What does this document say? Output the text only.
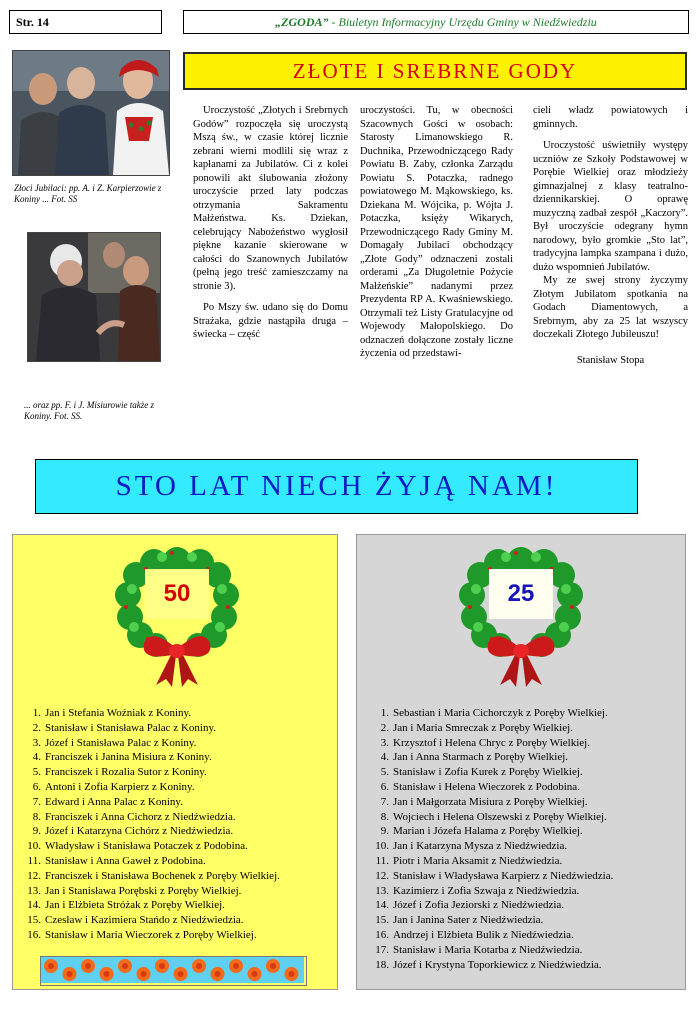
Str. 14	„ZGODA” - Biuletyn Informacyjny Urzędu Gminy w Niedźwiedziu
Złoci Jubilaci: pp. A. i Z. Karpierzowie z Koniny ... Fot. SS
... oraz pp. F. i J. Misiurowie także z Koniny. Fot. SS.
ZŁOTE I SREBRNE GODY

Uroczystość „Złotych i Srebrnych Godów” rozpoczęła się uroczystą Mszą św., w czasie której licznie zebrani wierni modlili się wraz z kapłanami za Jubilatów. Ci z kolei ponowili akt ślubowania złożony uroczyście przed laty podczas otrzymania Sakramentu Małżeństwa. Ks. Dziekan, celebrujący Nabożeństwo wygłosił piękne kazanie skierowane w całości do Szanownych Jubilatów (pełną jego treść zamieszczamy na stronie 3).

Po Mszy św. udano się do Domu Strażaka, gdzie nastąpiła druga – świecka – część

uroczystości. Tu, w obecności Szacownych Gości w osobach: Starosty Limanowskiego R. Duchnika, Przewodniczącego Rady Powiatu B. Zaby, członka Zarządu Powiatu S. Potaczka, radnego powiatowego M. Mąkowskiego, ks. Dziekana M. Wójcika, p. Wójta J. Potaczka, księży Wikarych, Przewodniczącego Rady Gminy M. Domagały Jubilaci obchodzący „Złote Gody” odznaczeni zostali orderami „Za Długoletnie Pożycie Małżeńskie” nadanymi przez Prezydenta RP A. Kwaśniewskiego. Otrzymali też Listy Gratulacyjne od Wojewody Małopolskiego. Do odznaczeń dołączone zostały liczne życzenia od przedstawi-

cieli władz powiatowych i gminnych.

Uroczystość uświetniły występy uczniów ze Szkoły Podstawowej w Porębie Wielkiej oraz młodzieży gimnazjalnej z klasy teatralno-dziennikarskiej. O oprawę muzyczną zadbał zespół „Kaczory”. Był uroczyście odegrany hymn narodowy, było gromkie „Sto lat”, tradycyjna lampka szampana i dużo, dużo wspomnień Jubilatów.

My ze swej strony życzymy Złotym Jubilatom spotkania na Godach Diamentowych, a Srebrnym, aby za 25 lat wszyscy doczekali Złotego Jubileuszu!

Stanisław Stopa
STO LAT NIECH ŻYJĄ NAM!
50
1. Jan i Stefania Woźniak z Koniny.
2. Stanisław i Stanisława Palac z Koniny.
3. Józef i Stanisława Palac z Koniny.
4. Franciszek i Janina Misiura z Koniny.
5. Franciszek i Rozalia Sutor z Koniny.
6. Antoni i Zofia Karpierz z Koniny.
7. Edward i Anna Palac z Koniny.
8. Franciszek i Anna Cichorz z Niedźwiedzia.
9. Józef i Katarzyna Cichórz z Niedźwiedzia.
10. Władysław i Stanisława Potaczek z Podobina.
11. Stanisław i Anna Gaweł z Podobina.
12. Franciszek i Stanisława Bochenek z Poręby Wielkiej.
13. Jan i Stanisława Porębski z Poręby Wielkiej.
14. Jan i Elżbieta Stróżak z Poręby Wielkiej.
15. Czesław i Kazimiera Stańdo z Niedźwiedzia.
16. Stanisław i Maria Wieczorek z Poręby Wielkiej.
25
1. Sebastian i Maria Cichorczyk z Poręby Wielkiej.
2. Jan i Maria Smreczak z Poręby Wielkiej.
3. Krzysztof i Helena Chryc z Poręby Wielkiej.
4. Jan i Anna Starmach z Poręby Wielkiej.
5. Stanisław i Zofia Kurek z Poręby Wielkiej.
6. Stanisław i Helena Wieczorek z Podobina.
7. Jan i Małgorzata Misiura z Poręby Wielkiej.
8. Wojciech i Helena Olszewski z Poręby Wielkiej.
9. Marian i Józefa Halama z Poręby Wielkiej.
10. Jan i Katarzyna Mysza z Niedźwiedzia.
11. Piotr i Maria Aksamit z Niedźwiedzia.
12. Stanisław i Władysława Karpierz z Niedźwiedzia.
13. Kazimierz i Zofia Szwaja z Niedźwiedzia.
14. Józef i Zofia Jeziorski z Niedźwiedzia.
15. Jan i Janina Sater z Niedźwiedzia.
16. Andrzej i Elżbieta Bulik z Niedźwiedzia.
17. Stanisław i Maria Kotarba z Niedźwiedzia.
18. Józef i Krystyna Toporkiewicz z Niedźwiedzia.
